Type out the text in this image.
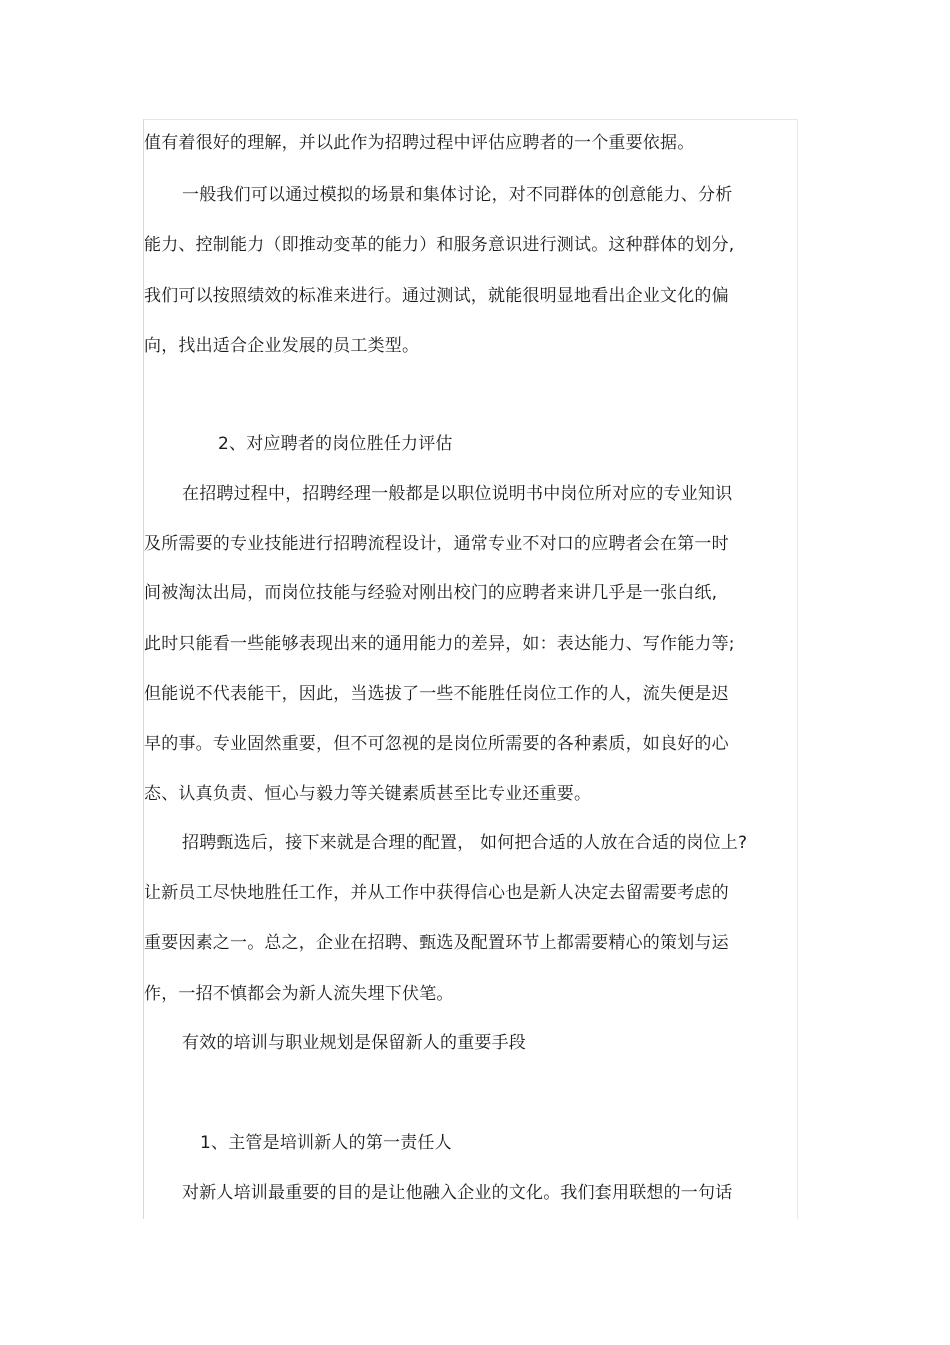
值有着很好的理解，并以此作为招聘过程中评估应聘者的一个重要依据。
一般我们可以通过模拟的场景和集体讨论，对不同群体的创意能力、分析
能力、控制能力（即推动变革的能力）和服务意识进行测试。这种群体的划分,
我们可以按照绩效的标准来进行。通过测试，就能很明显地看出企业文化的偏
向，找出适合企业发展的员工类型。
2、对应聘者的岗位胜任力评估
在招聘过程中，招聘经理一般都是以职位说明书中岗位所对应的专业知识
及所需要的专业技能进行招聘流程设计，通常专业不对口的应聘者会在第一时
间被淘汰出局，而岗位技能与经验对刚出校门的应聘者来讲几乎是一张白纸,
此时只能看一些能够表现出来的通用能力的差异，如：表达能力、写作能力等;
但能说不代表能干，因此，当选拔了一些不能胜任岗位工作的人，流失便是迟
早的事。专业固然重要，但不可忽视的是岗位所需要的各种素质，如良好的心
态、认真负责、恒心与毅力等关键素质甚至比专业还重要。
招聘甄选后，接下来就是合理的配置， 如何把合适的人放在合适的岗位上?
让新员工尽快地胜任工作，并从工作中获得信心也是新人决定去留需要考虑的
重要因素之一。总之，企业在招聘、甄选及配置环节上都需要精心的策划与运
作，一招不慎都会为新人流失埋下伏笔。
有效的培训与职业规划是保留新人的重要手段
1、主管是培训新人的第一责任人
对新人培训最重要的目的是让他融入企业的文化。我们套用联想的一句话
